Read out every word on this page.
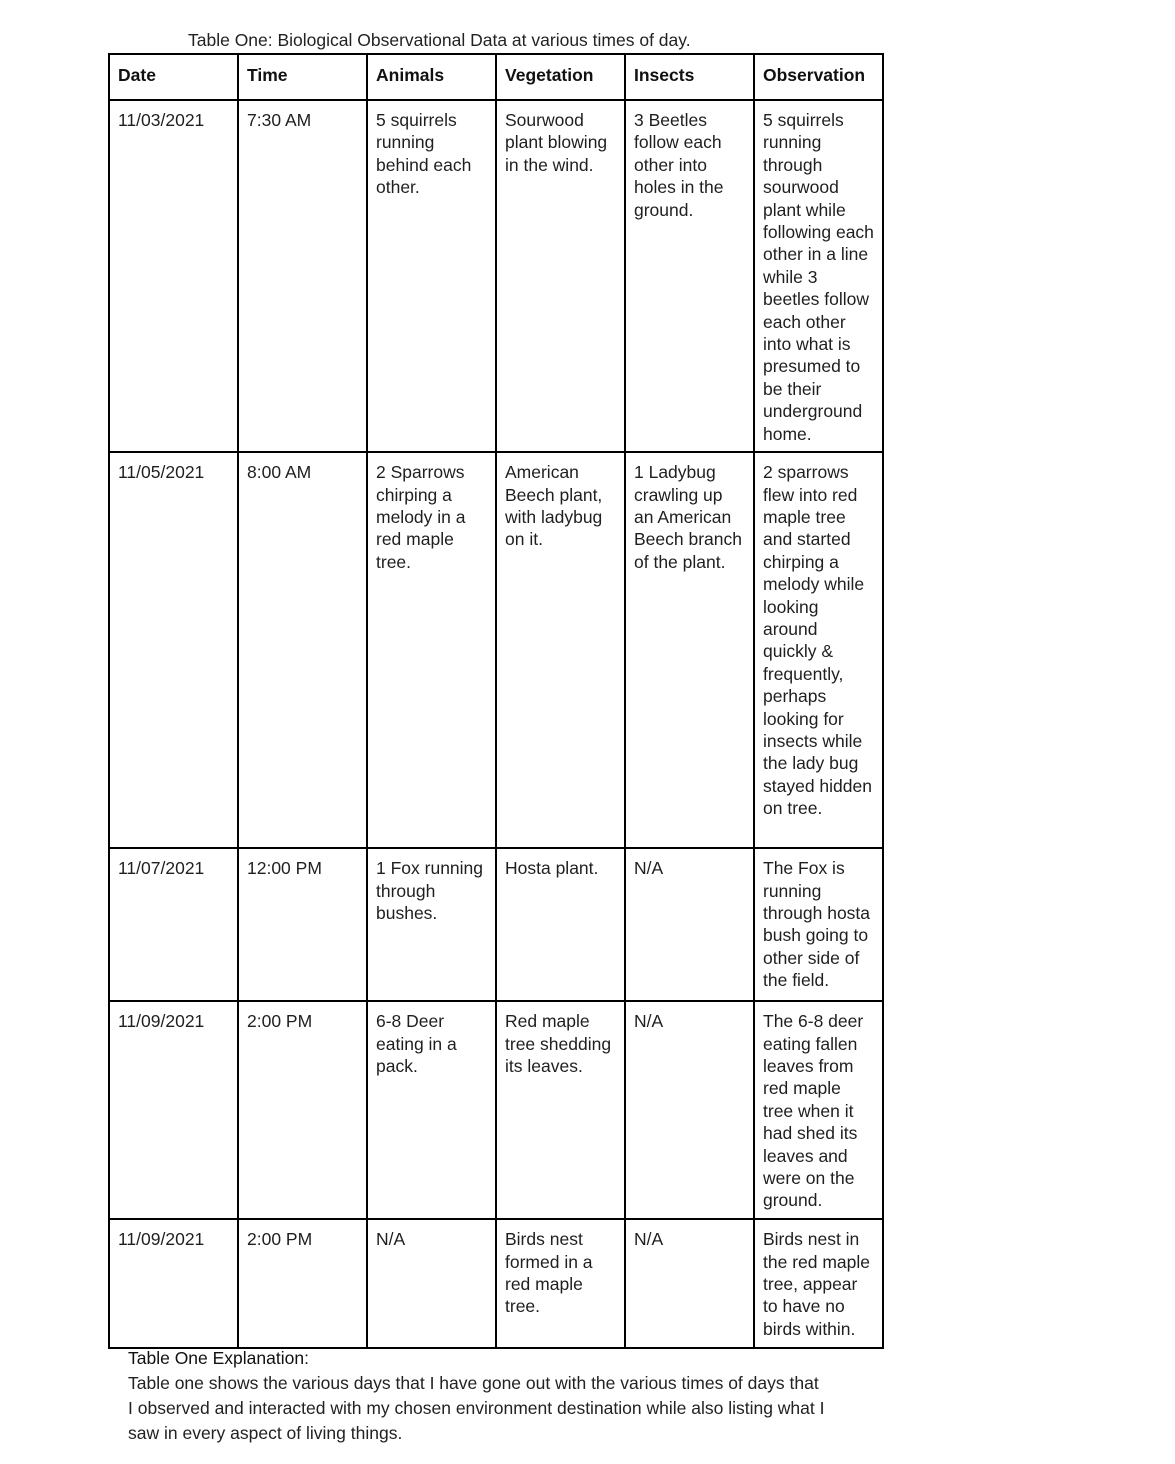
Table One: Biological Observational Data at various times of day.
Date	Time	Animals	Vegetation	Insects	Observation
11/03/2021	7:30 AM	5 squirrels running behind each other.	Sourwood plant blowing in the wind.	3 Beetles follow each other into holes in the ground.	5 squirrels running through sourwood plant while following each other in a line while 3 beetles follow each other into what is presumed to be their underground home.
11/05/2021	8:00 AM	2 Sparrows chirping a melody in a red maple tree.	American Beech plant, with ladybug on it.	1 Ladybug crawling up an American Beech branch of the plant.	2 sparrows flew into red maple tree and started chirping a melody while looking around quickly & frequently, perhaps looking for insects while the lady bug stayed hidden on tree.
11/07/2021	12:00 PM	1 Fox running through bushes.	Hosta plant.	N/A	The Fox is running through hosta bush going to other side of the field.
11/09/2021	2:00 PM	6-8 Deer eating in a pack.	Red maple tree shedding its leaves.	N/A	The 6-8 deer eating fallen leaves from red maple tree when it had shed its leaves and were on the ground.
11/09/2021	2:00 PM	N/A	Birds nest formed in a red maple tree.	N/A	Birds nest in the red maple tree, appear to have no birds within.
Table One Explanation:
Table one shows the various days that I have gone out with the various times of days that I observed and interacted with my chosen environment destination while also listing what I saw in every aspect of living things.
